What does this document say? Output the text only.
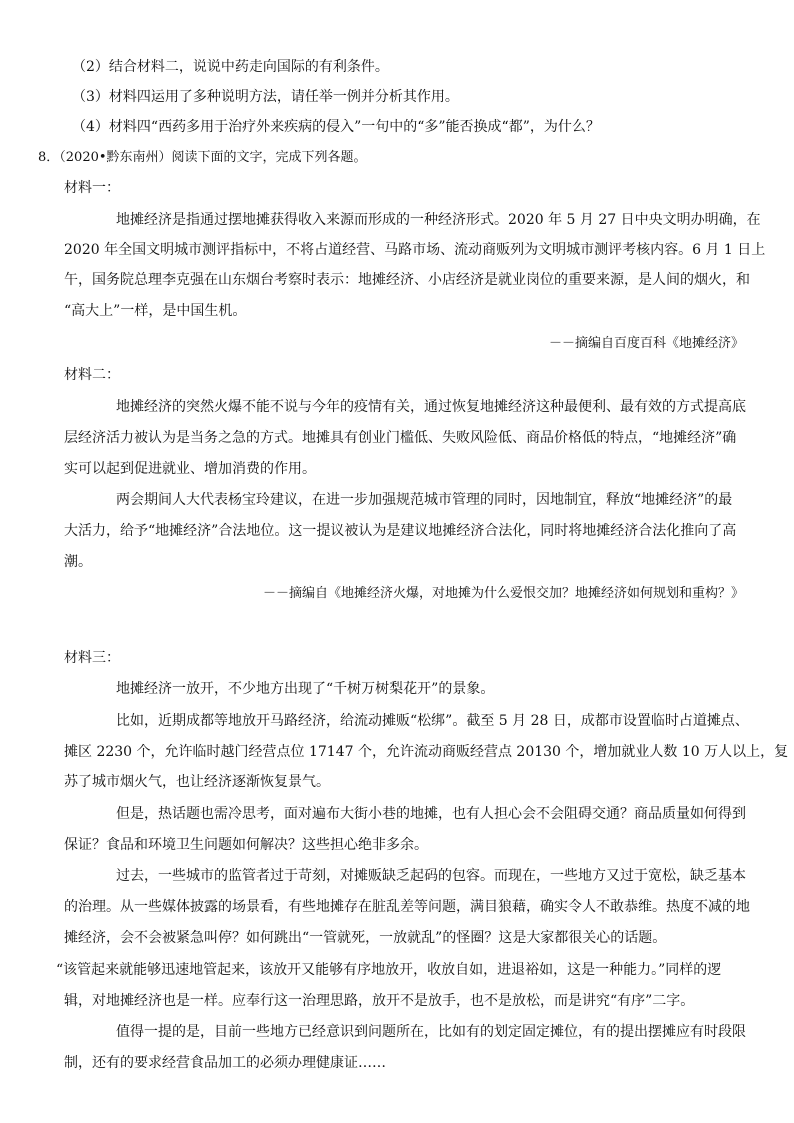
（2）结合材料二，说说中药走向国际的有利条件。
（3）材料四运用了多种说明方法，请任举一例并分析其作用。
（4）材料四“西药多用于治疗外来疾病的侵入”一句中的“多”能否换成“都”，为什么？
8．（2020•黔东南州）阅读下面的文字，完成下列各题。
材料一：
地摊经济是指通过摆地摊获得收入来源而形成的一种经济形式。2020 年 5 月 27 日中央文明办明确，在
2020 年全国文明城市测评指标中，不将占道经营、马路市场、流动商贩列为文明城市测评考核内容。6 月 1 日上
午，国务院总理李克强在山东烟台考察时表示：地摊经济、小店经济是就业岗位的重要来源，是人间的烟火，和
“高大上”一样，是中国生机。
－－摘编自百度百科《地摊经济》
材料二：
地摊经济的突然火爆不能不说与今年的疫情有关，通过恢复地摊经济这种最便利、最有效的方式提高底
层经济活力被认为是当务之急的方式。地摊具有创业门槛低、失败风险低、商品价格低的特点，“地摊经济”确
实可以起到促进就业、增加消费的作用。
两会期间人大代表杨宝玲建议，在进一步加强规范城市管理的同时，因地制宜，释放“地摊经济”的最
大活力，给予“地摊经济”合法地位。这一提议被认为是建议地摊经济合法化，同时将地摊经济合法化推向了高
潮。
－－摘编自《地摊经济火爆，对地摊为什么爱恨交加？地摊经济如何规划和重构？》
材料三：
地摊经济一放开，不少地方出现了“千树万树梨花开”的景象。
比如，近期成都等地放开马路经济，给流动摊贩“松绑”。截至 5 月 28 日，成都市设置临时占道摊点、
摊区 2230 个，允许临时越门经营点位 17147 个，允许流动商贩经营点 20130 个，增加就业人数 10 万人以上，复
苏了城市烟火气，也让经济逐渐恢复景气。
但是，热话题也需冷思考，面对遍布大街小巷的地摊，也有人担心会不会阻碍交通？商品质量如何得到
保证？食品和环境卫生问题如何解决？这些担心绝非多余。
过去，一些城市的监管者过于苛刻，对摊贩缺乏起码的包容。而现在，一些地方又过于宽松，缺乏基本
的治理。从一些媒体披露的场景看，有些地摊存在脏乱差等问题，满目狼藉，确实令人不敢恭维。热度不减的地
摊经济，会不会被紧急叫停？如何跳出“一管就死，一放就乱”的怪圈？这是大家都很关心的话题。
“该管起来就能够迅速地管起来，该放开又能够有序地放开，收放自如，进退裕如，这是一种能力。”同样的逻
辑，对地摊经济也是一样。应奉行这一治理思路，放开不是放手，也不是放松，而是讲究“有序”二字。
值得一提的是，目前一些地方已经意识到问题所在，比如有的划定固定摊位，有的提出摆摊应有时段限
制，还有的要求经营食品加工的必须办理健康证……
